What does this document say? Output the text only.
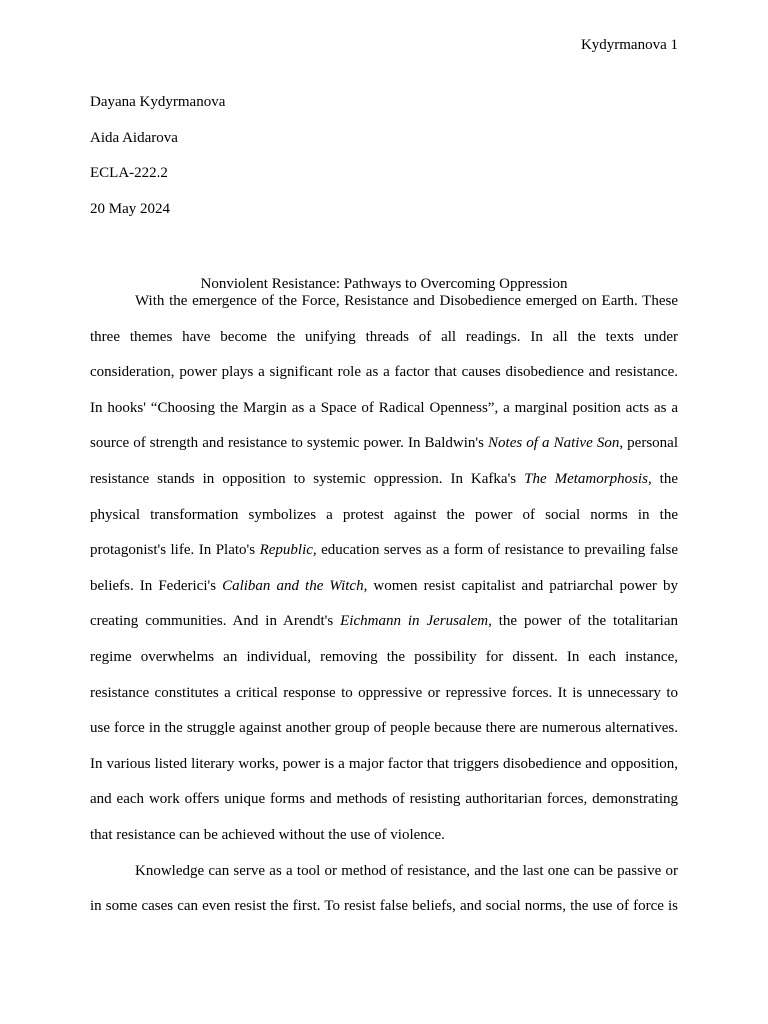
Kydyrmanova 1
Dayana Kydyrmanova
Aida Aidarova
ECLA-222.2
20 May 2024
Nonviolent Resistance: Pathways to Overcoming Oppression
With the emergence of the Force, Resistance and Disobedience emerged on Earth. These
three themes have become the unifying threads of all readings. In all the texts under
consideration, power plays a significant role as a factor that causes disobedience and resistance.
In hooks' “Choosing the Margin as a Space of Radical Openness”, a marginal position acts as a
source of strength and resistance to systemic power. In Baldwin's Notes of a Native Son, personal
resistance stands in opposition to systemic oppression. In Kafka's The Metamorphosis, the
physical transformation symbolizes a protest against the power of social norms in the
protagonist's life. In Plato's Republic, education serves as a form of resistance to prevailing false
beliefs. In Federici's Caliban and the Witch, women resist capitalist and patriarchal power by
creating communities. And in Arendt's Eichmann in Jerusalem, the power of the totalitarian
regime overwhelms an individual, removing the possibility for dissent. In each instance,
resistance constitutes a critical response to oppressive or repressive forces. It is unnecessary to
use force in the struggle against another group of people because there are numerous alternatives.
In various listed literary works, power is a major factor that triggers disobedience and opposition,
and each work offers unique forms and methods of resisting authoritarian forces, demonstrating
that resistance can be achieved without the use of violence.
Knowledge can serve as a tool or method of resistance, and the last one can be passive or
in some cases can even resist the first. To resist false beliefs, and social norms, the use of force is
